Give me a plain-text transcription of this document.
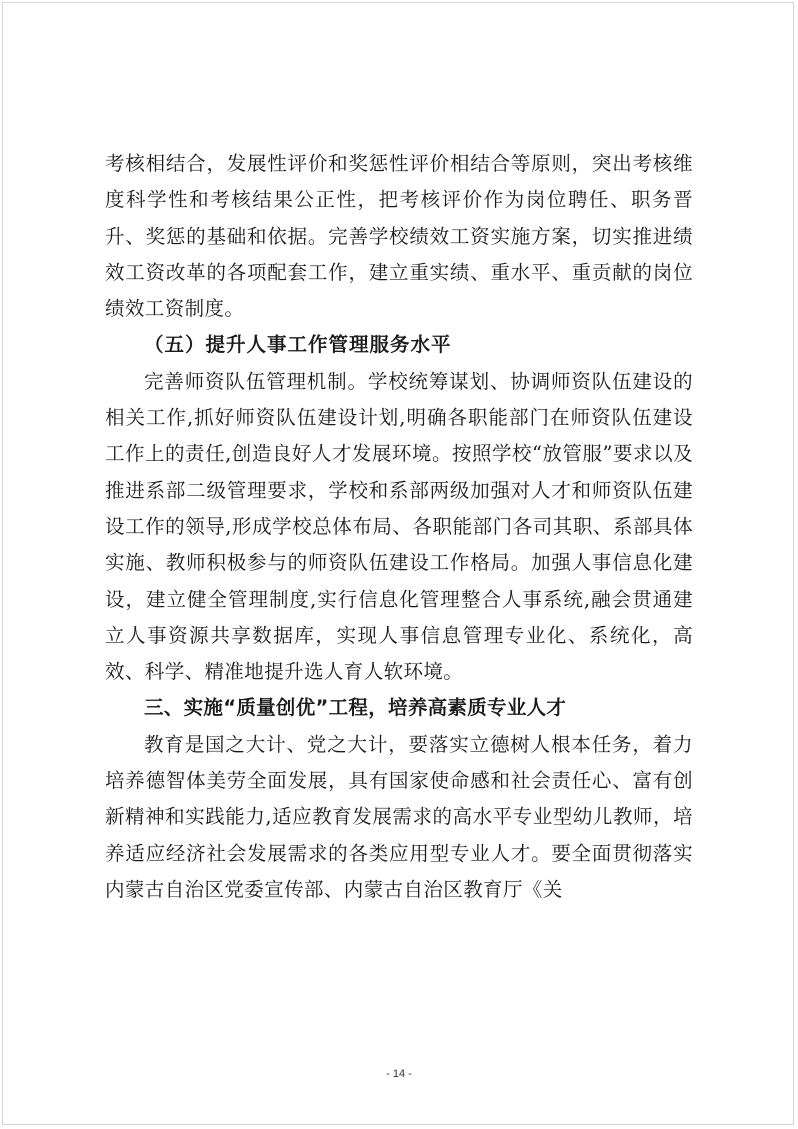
考核相结合，发展性评价和奖惩性评价相结合等原则，突出考核维度科学性和考核结果公正性，把考核评价作为岗位聘任、职务晋升、奖惩的基础和依据。完善学校绩效工资实施方案，切实推进绩效工资改革的各项配套工作，建立重实绩、重水平、重贡献的岗位绩效工资制度。

（五）提升人事工作管理服务水平

完善师资队伍管理机制。学校统筹谋划、协调师资队伍建设的相关工作,抓好师资队伍建设计划,明确各职能部门在师资队伍建设工作上的责任,创造良好人才发展环境。按照学校“放管服”要求以及推进系部二级管理要求，学校和系部两级加强对人才和师资队伍建设工作的领导,形成学校总体布局、各职能部门各司其职、系部具体实施、教师积极参与的师资队伍建设工作格局。加强人事信息化建设，建立健全管理制度,实行信息化管理整合人事系统,融会贯通建立人事资源共享数据库，实现人事信息管理专业化、系统化，高效、科学、精准地提升选人育人软环境。

三、实施“质量创优”工程，培养高素质专业人才

教育是国之大计、党之大计，要落实立德树人根本任务，着力培养德智体美劳全面发展，具有国家使命感和社会责任心、富有创新精神和实践能力,适应教育发展需求的高水平专业型幼儿教师，培养适应经济社会发展需求的各类应用型专业人才。要全面贯彻落实内蒙古自治区党委宣传部、内蒙古自治区教育厅《关

- 14 -
